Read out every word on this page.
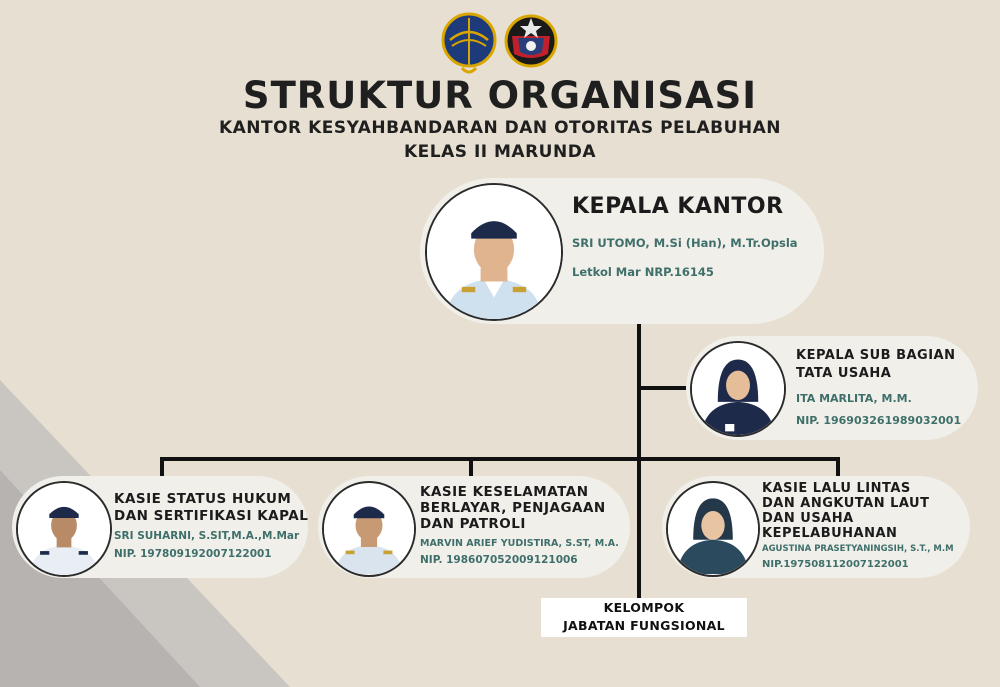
STRUKTUR ORGANISASI
KANTOR KESYAHBANDARAN DAN OTORITAS PELABUHAN
KELAS II MARUNDA
KEPALA KANTOR
SRI UTOMO, M.Si (Han), M.Tr.Opsla
Letkol Mar NRP.16145
KEPALA SUB BAGIAN
TATA USAHA
ITA MARLITA, M.M.
NIP. 196903261989032001
KASIE STATUS HUKUM
DAN SERTIFIKASI KAPAL
SRI SUHARNI, S.SIT,M.A.,M.Mar
NIP. 197809192007122001
KASIE KESELAMATAN
BERLAYAR, PENJAGAAN
DAN PATROLI
MARVIN ARIEF YUDISTIRA, S.ST, M.A.
NIP. 198607052009121006
KASIE LALU LINTAS
DAN ANGKUTAN LAUT
DAN USAHA
KEPELABUHANAN
AGUSTINA PRASETYANINGSIH, S.T., M.M
NIP.197508112007122001
KELOMPOK
JABATAN FUNGSIONAL
